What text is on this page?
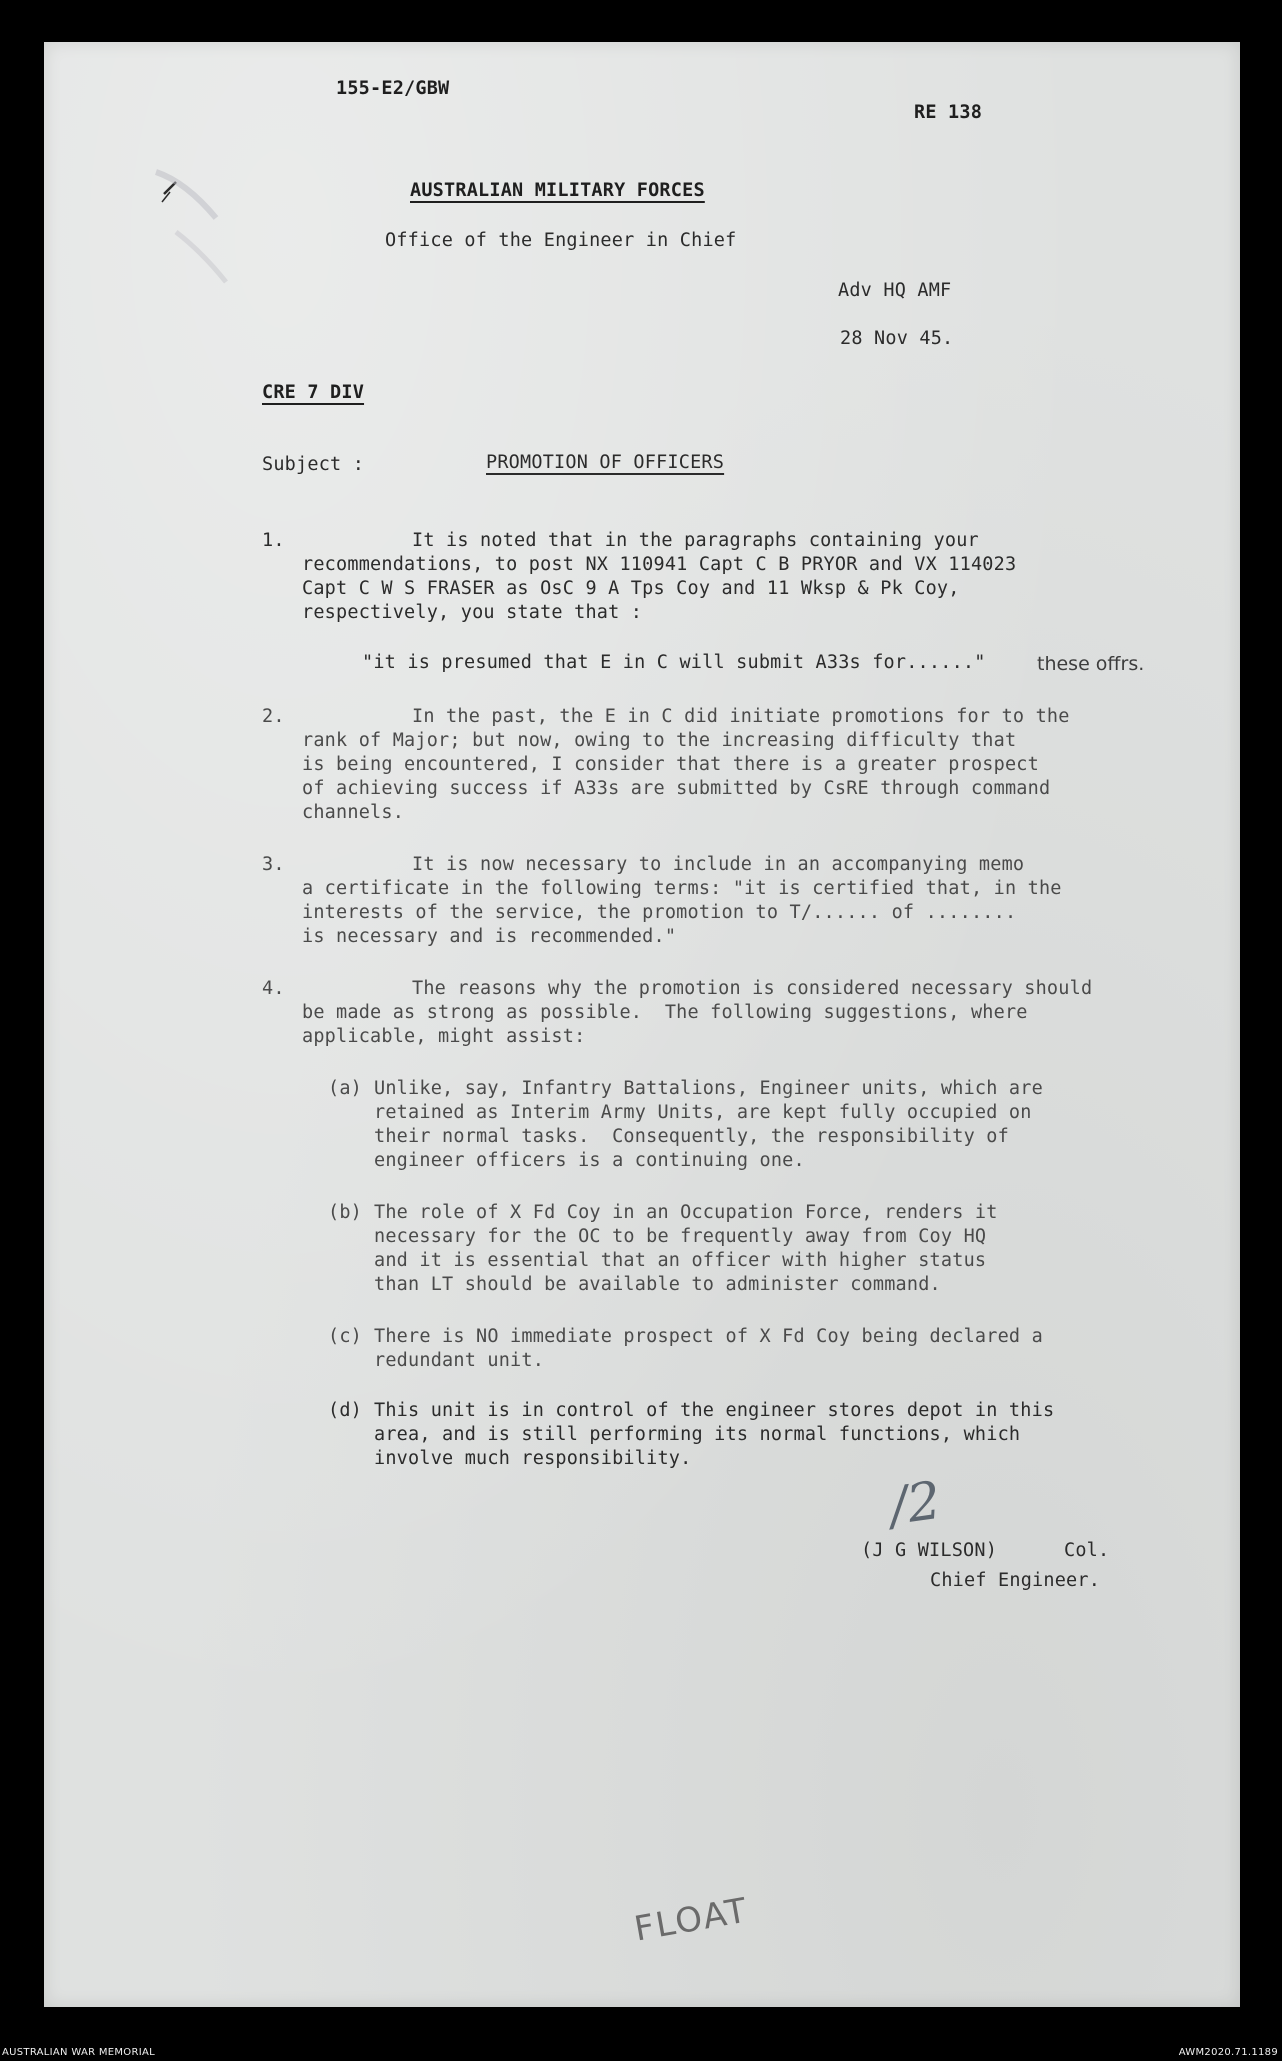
155-E2/GBW
RE 138
AUSTRALIAN MILITARY FORCES
Office of the Engineer in Chief
Adv HQ AMF
28 Nov 45.
CRE 7 DIV
Subject :	PROMOTION OF OFFICERS
1.	It is noted that in the paragraphs containing your
recommendations, to post NX 110941 Capt C B PRYOR and VX 114023
Capt C W S FRASER as OsC 9 A Tps Coy and 11 Wksp & Pk Coy,
respectively, you state that :
"it is presumed that E in C will submit A33s for......"	these offrs.
2.	In the past, the E in C did initiate promotions for to the
rank of Major; but now, owing to the increasing difficulty that
is being encountered, I consider that there is a greater prospect
of achieving success if A33s are submitted by CsRE through command
channels.
3.	It is now necessary to include in an accompanying memo
a certificate in the following terms: "it is certified that, in the
interests of the service, the promotion to T/...... of ........
is necessary and is recommended."
4.	The reasons why the promotion is considered necessary should
be made as strong as possible.  The following suggestions, where
applicable, might assist:
(a) Unlike, say, Infantry Battalions, Engineer units, which are
retained as Interim Army Units, are kept fully occupied on
their normal tasks.  Consequently, the responsibility of
engineer officers is a continuing one.
(b) The role of X Fd Coy in an Occupation Force, renders it
necessary for the OC to be frequently away from Coy HQ
and it is essential that an officer with higher status
than LT should be available to administer command.
(c) There is NO immediate prospect of X Fd Coy being declared a
redundant unit.
(d) This unit is in control of the engineer stores depot in this
area, and is still performing its normal functions, which
involve much responsibility.
/2
(J G WILSON)	Col.
Chief Engineer.
FLOAT
AUSTRALIAN WAR MEMORIAL	AWM2020.71.1189
